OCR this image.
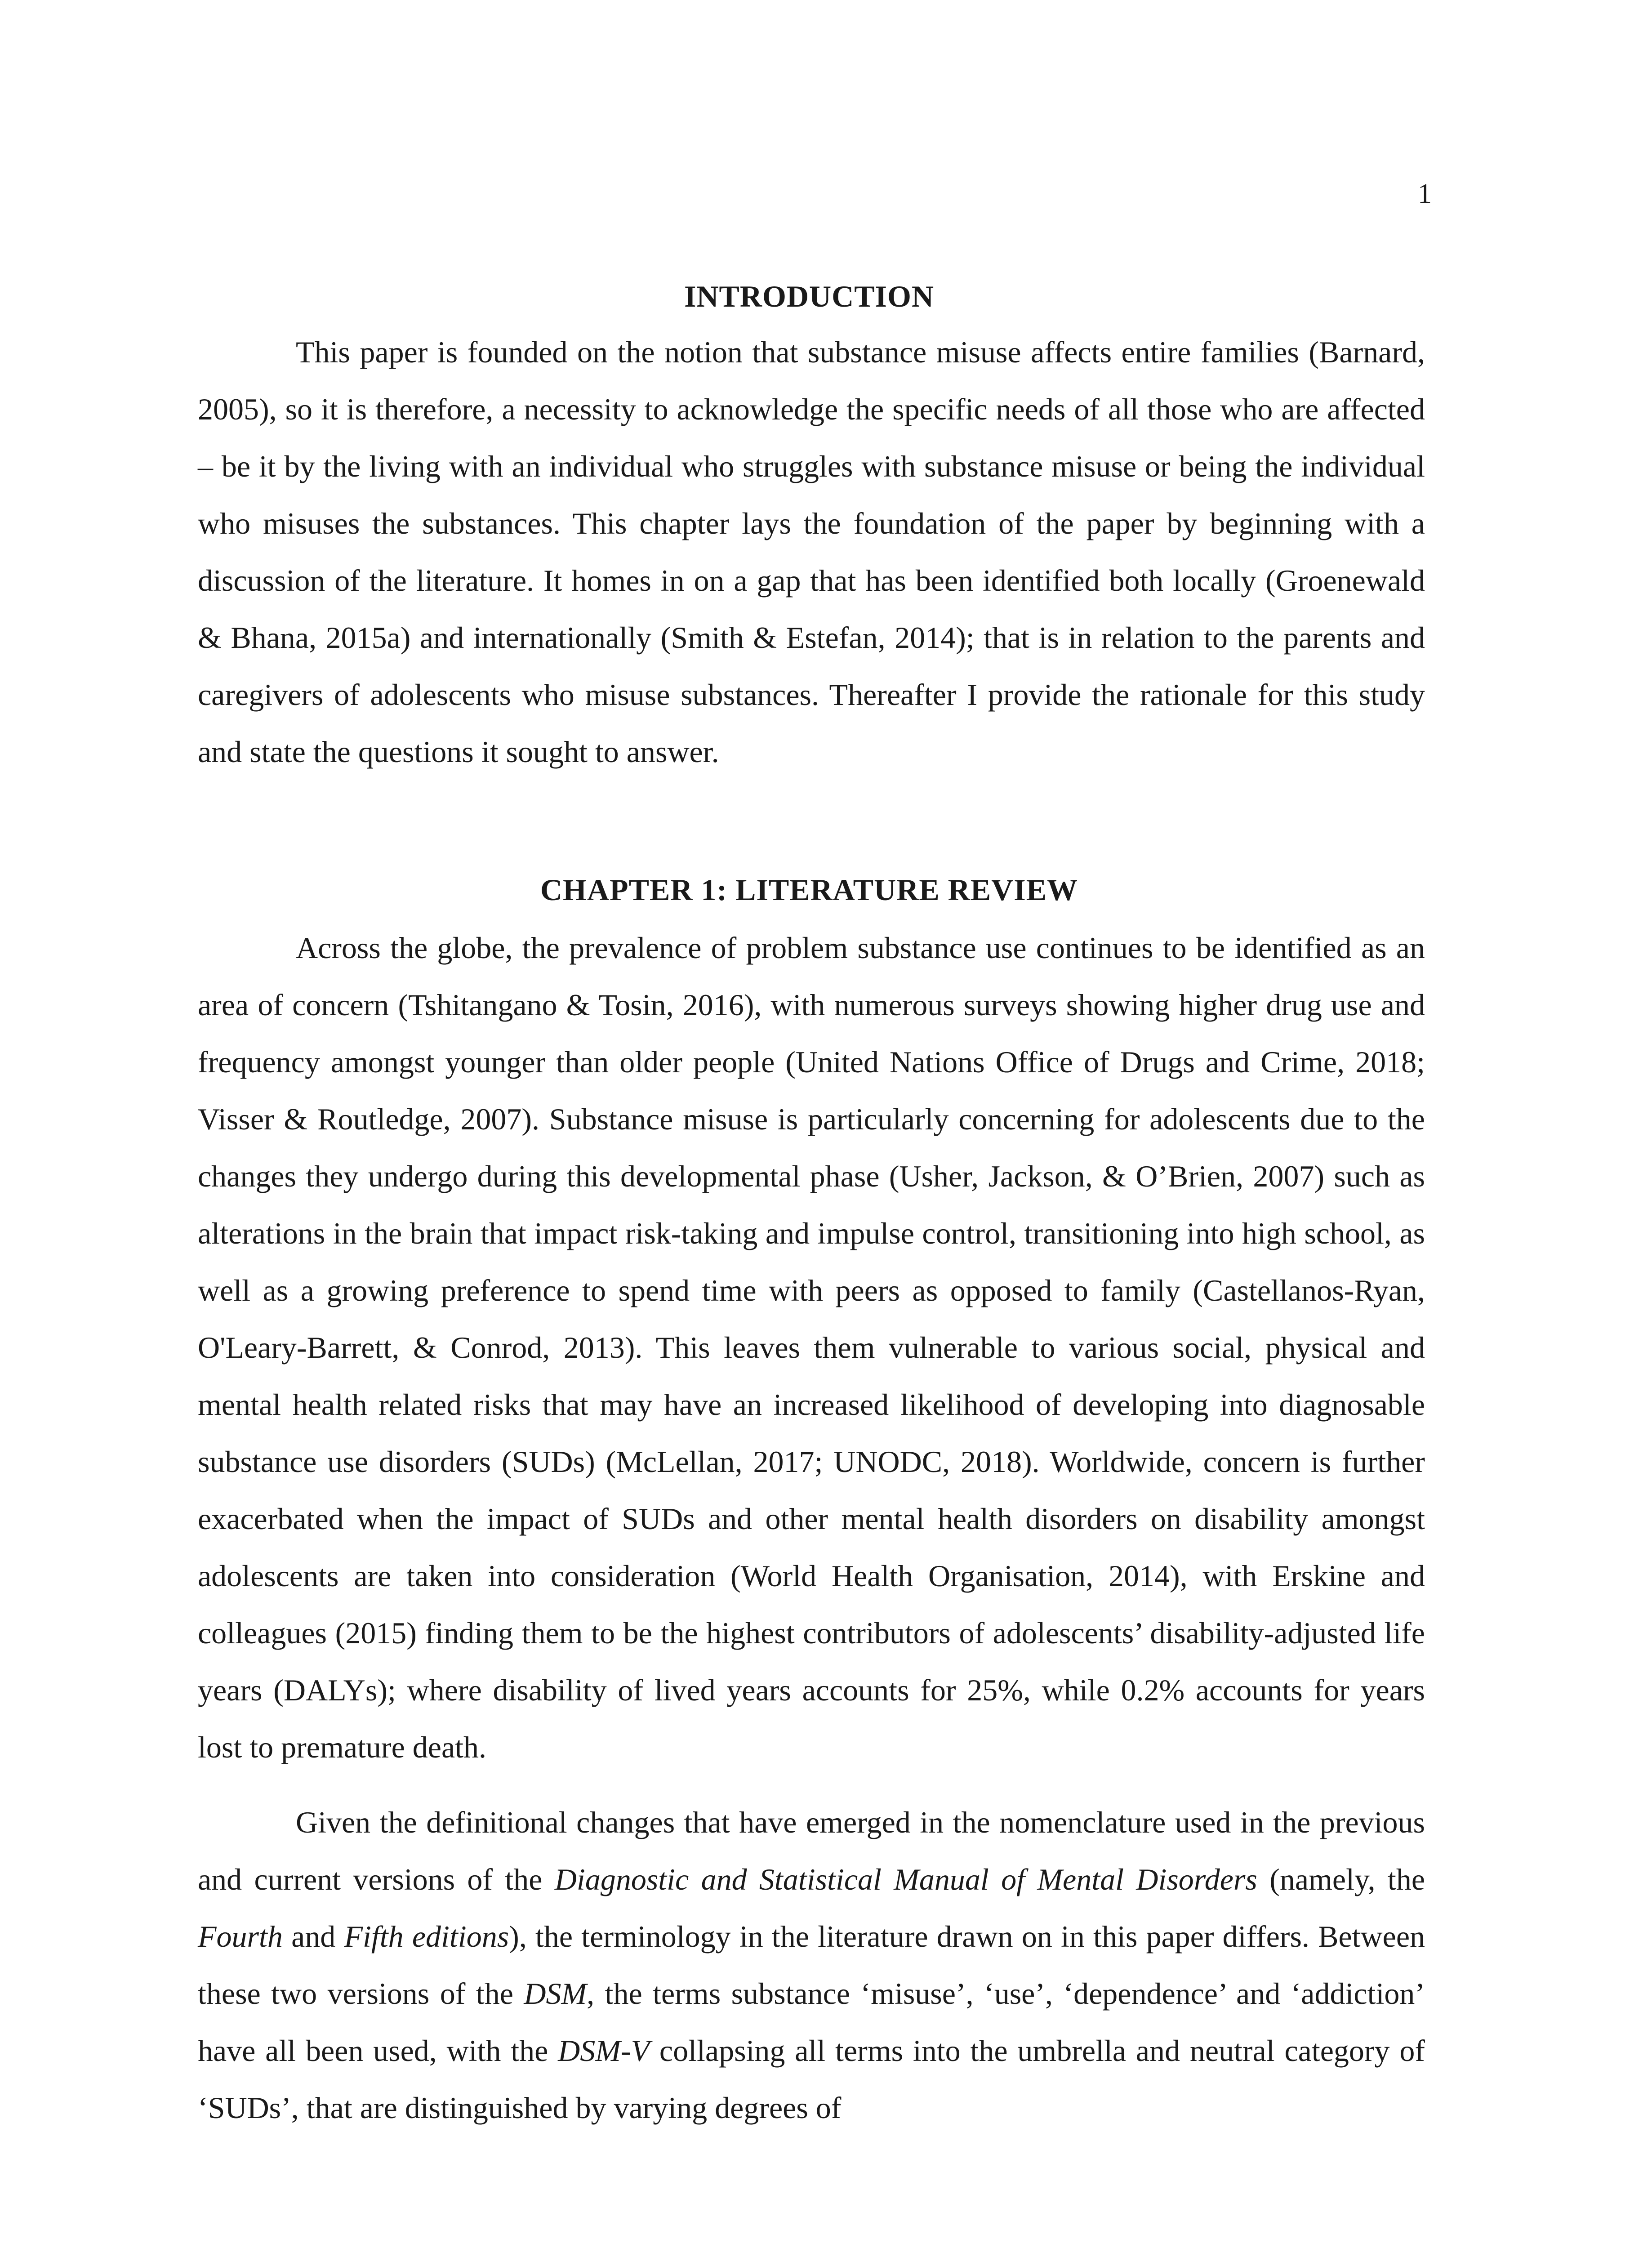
1
INTRODUCTION

This paper is founded on the notion that substance misuse affects entire families (Barnard, 2005), so it is therefore, a necessity to acknowledge the specific needs of all those who are affected – be it by the living with an individual who struggles with substance misuse or being the individual who misuses the substances. This chapter lays the foundation of the paper by beginning with a discussion of the literature. It homes in on a gap that has been identified both locally (Groenewald & Bhana, 2015a) and internationally (Smith & Estefan, 2014); that is in relation to the parents and caregivers of adolescents who misuse substances. Thereafter I provide the rationale for this study and state the questions it sought to answer.

CHAPTER 1: LITERATURE REVIEW

Across the globe, the prevalence of problem substance use continues to be identified as an area of concern (Tshitangano & Tosin, 2016), with numerous surveys showing higher drug use and frequency amongst younger than older people (United Nations Office of Drugs and Crime, 2018; Visser & Routledge, 2007). Substance misuse is particularly concerning for adolescents due to the changes they undergo during this developmental phase (Usher, Jackson, & O’Brien, 2007) such as alterations in the brain that impact risk-taking and impulse control, transitioning into high school, as well as a growing preference to spend time with peers as opposed to family (Castellanos-Ryan, O'Leary-Barrett, & Conrod, 2013). This leaves them vulnerable to various social, physical and mental health related risks that may have an increased likelihood of developing into diagnosable substance use disorders (SUDs) (McLellan, 2017; UNODC, 2018). Worldwide, concern is further exacerbated when the impact of SUDs and other mental health disorders on disability amongst adolescents are taken into consideration (World Health Organisation, 2014), with Erskine and colleagues (2015) finding them to be the highest contributors of adolescents’ disability-adjusted life years (DALYs); where disability of lived years accounts for 25%, while 0.2% accounts for years lost to premature death.

Given the definitional changes that have emerged in the nomenclature used in the previous and current versions of the Diagnostic and Statistical Manual of Mental Disorders (namely, the Fourth and Fifth editions), the terminology in the literature drawn on in this paper differs. Between these two versions of the DSM, the terms substance ‘misuse’, ‘use’, ‘dependence’ and ‘addiction’ have all been used, with the DSM-V collapsing all terms into the umbrella and neutral category of ‘SUDs’, that are distinguished by varying degrees of
